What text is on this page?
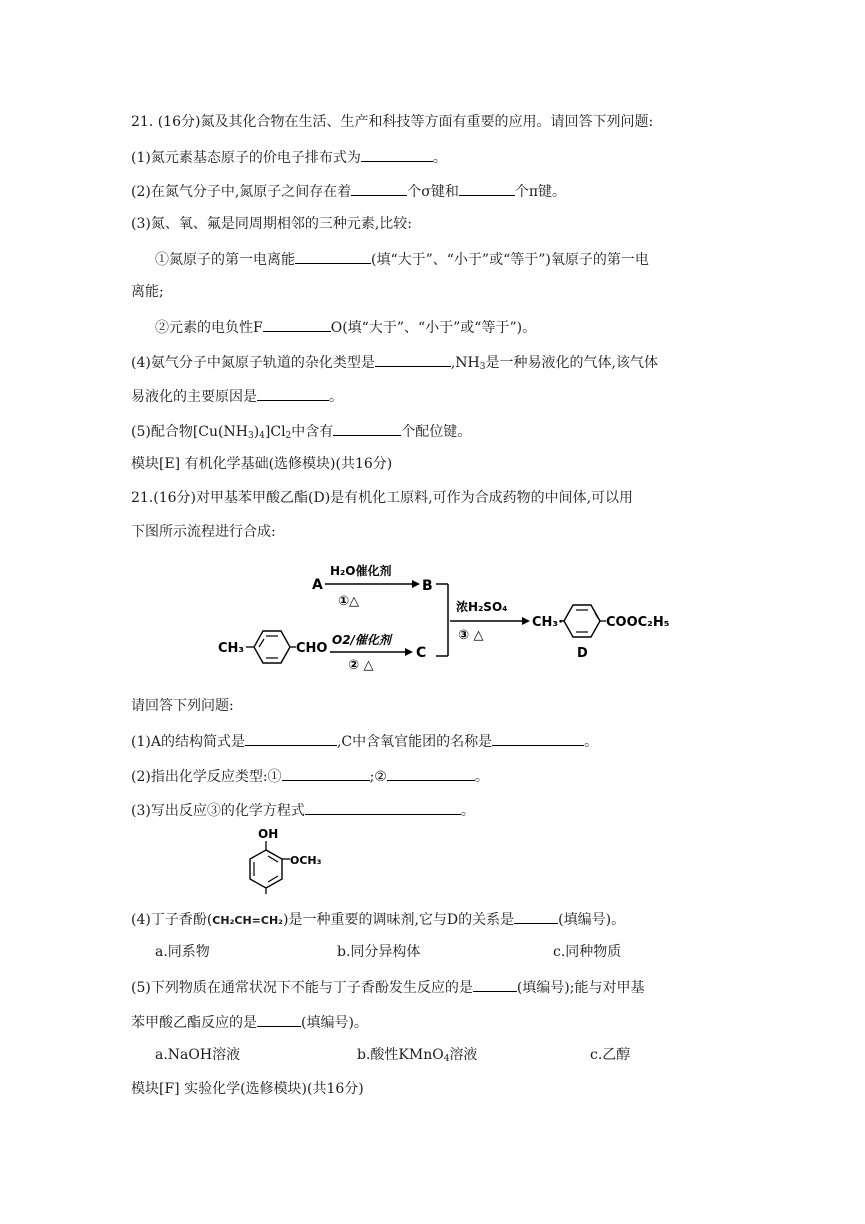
21. (16分)氮及其化合物在生活、生产和科技等方面有重要的应用。请回答下列问题:
(1)氮元素基态原子的价电子排布式为	。
(2)在氮气分子中,氮原子之间存在着	个σ键和	个π键。
(3)氮、氧、氟是同周期相邻的三种元素,比较:
①氮原子的第一电离能	(填“大于”、“小于”或“等于”)氧原子的第一电
离能;
②元素的电负性F	O(填“大于”、“小于”或“等于”)。
(4)氨气分子中氮原子轨道的杂化类型是	$,NH_3$是一种易液化的气体,该气体
易液化的主要原因是	。
(5)配合物$[Cu(NH_3)_4]Cl_2$中含有	个配位键。
模块[E] 有机化学基础(选修模块)(共16分)
21.(16分)对甲基苯甲酸乙酯(D)是有机化工原料,可作为合成药物的中间体,可以用
下图所示流程进行合成:
A
H₂O催化剂
①△
B
CH₃	CHO
O2/催化剂
② △
C
浓H₂SO₄
③ △
CH₃·	COOC₂H₅
D
请回答下列问题:
(1)A的结构简式是	,C中含氧官能团的名称是	。
(2)指出化学反应类型:①	;②	。
(3)写出反应③的化学方程式	。
OH
OCH₃
(4)丁子香酚(CH₂CH=CH₂)是一种重要的调味剂,它与D的关系是	(填编号)。
a.同系物	b.同分异构体	c.同种物质
(5)下列物质在通常状况下不能与丁子香酚发生反应的是	(填编号);能与对甲基
苯甲酸乙酯反应的是	(填编号)。
a.NaOH溶液	b.酸性KMnO$_4$溶液	c.乙醇
模块[F] 实验化学(选修模块)(共16分)
